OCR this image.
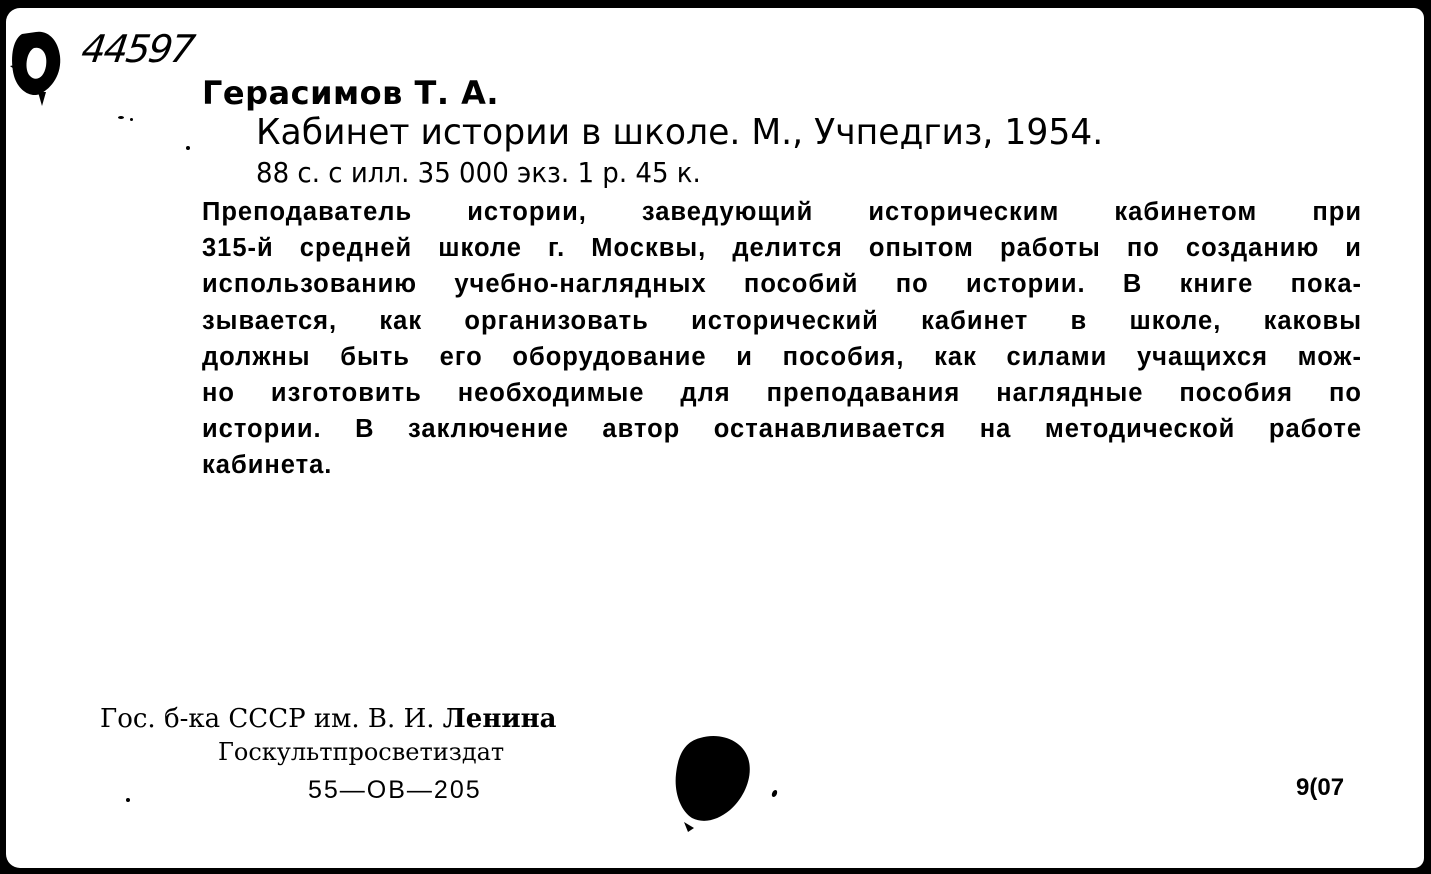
44597
Герасимов Т. А.
Кабинет истории в школе. М., Учпедгиз, 1954.
88 с. с илл. 35 000 экз. 1 р. 45 к.
Преподаватель истории, заведующий историческим кабинетом при
315-й средней школе г. Москвы, делится опытом работы по созданию и
использованию учебно-наглядных пособий по истории. В книге пока-
зывается, как организовать исторический кабинет в школе, каковы
должны быть его оборудование и пособия, как силами учащихся мож-
но изготовить необходимые для преподавания наглядные пособия по
истории. В заключение автор останавливается на методической работе
кабинета.
Гос. б-ка СССР им. В. И. Ленина
Госкультпросветиздат
55—ОВ—205	9(07
